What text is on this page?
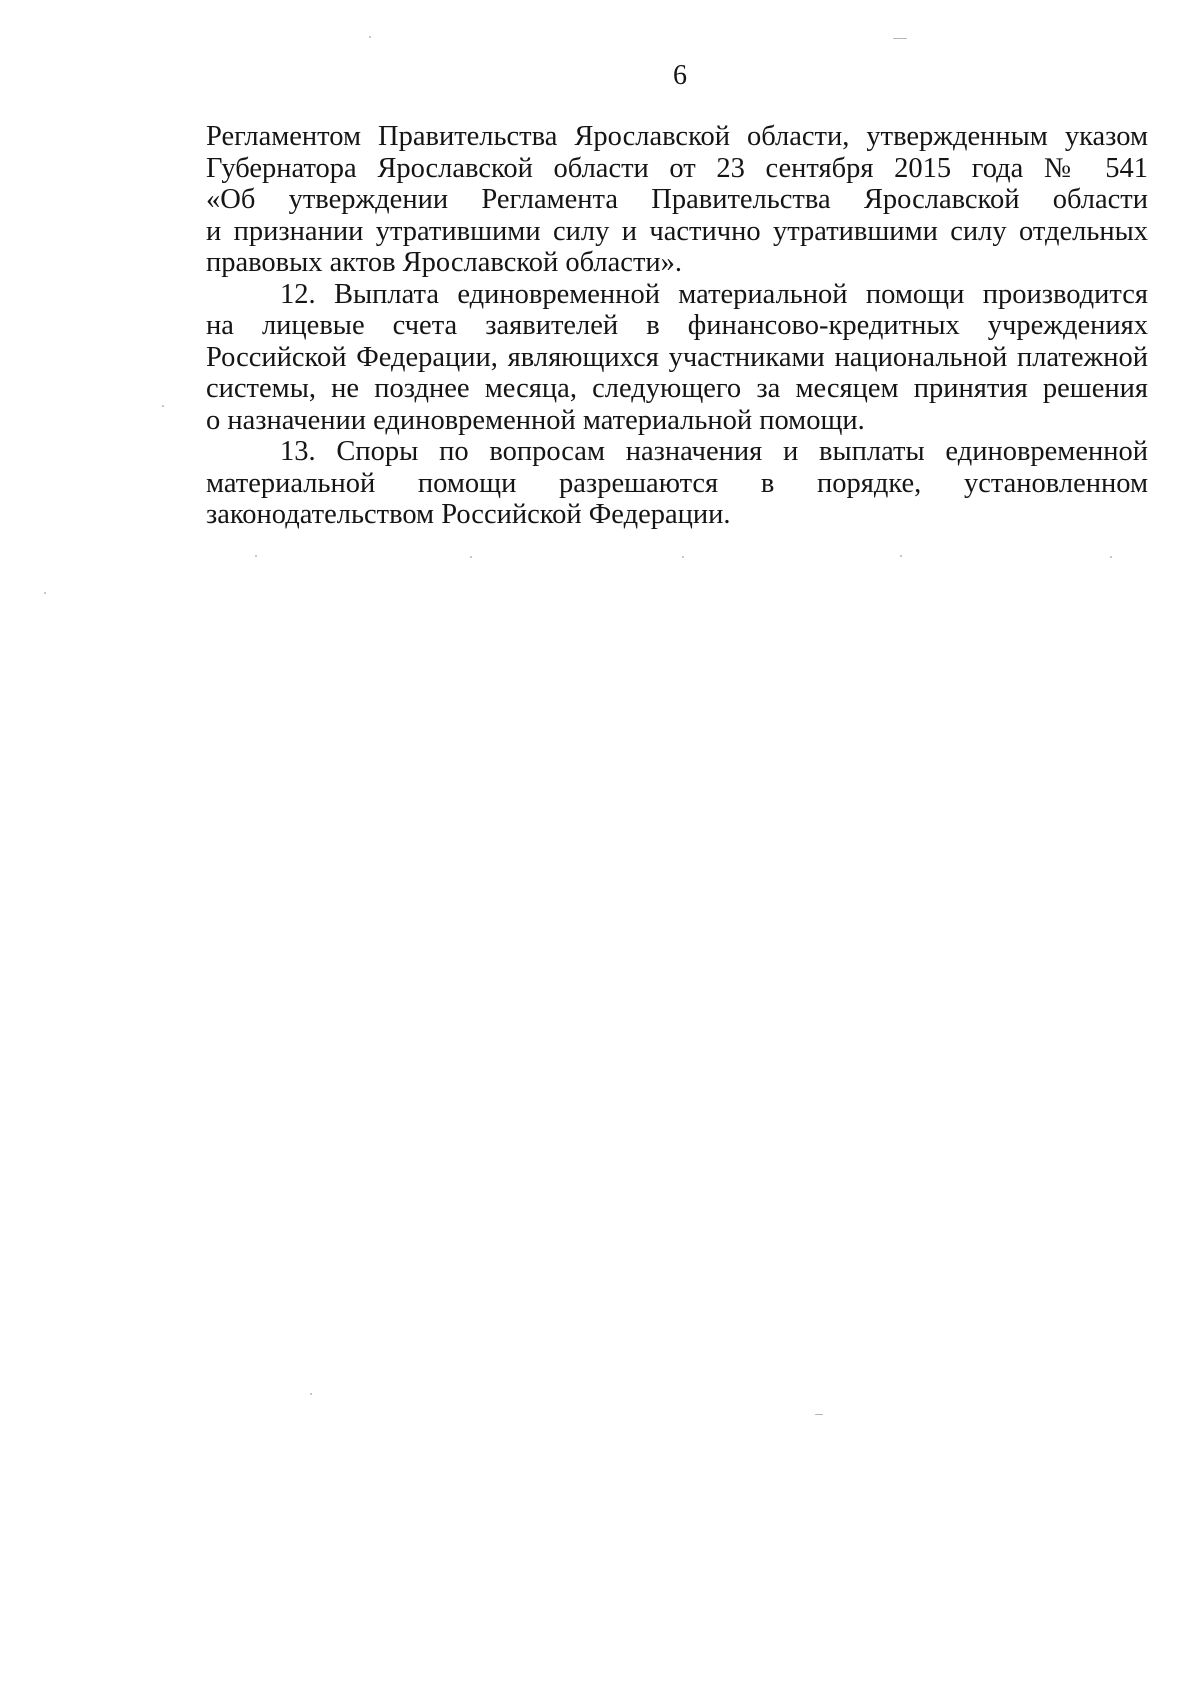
6
Регламентом Правительства Ярославской области, утвержденным указом
Губернатора Ярославской области от 23 сентября 2015 года № 541
«Об утверждении Регламента Правительства Ярославской области
и признании утратившими силу и частично утратившими силу отдельных
правовых актов Ярославской области».
12. Выплата единовременной материальной помощи производится
на лицевые счета заявителей в финансово-кредитных учреждениях
Российской Федерации, являющихся участниками национальной платежной
системы, не позднее месяца, следующего за месяцем принятия решения
о назначении единовременной материальной помощи.
13. Споры по вопросам назначения и выплаты единовременной
материальной помощи разрешаются в порядке, установленном
законодательством Российской Федерации.
